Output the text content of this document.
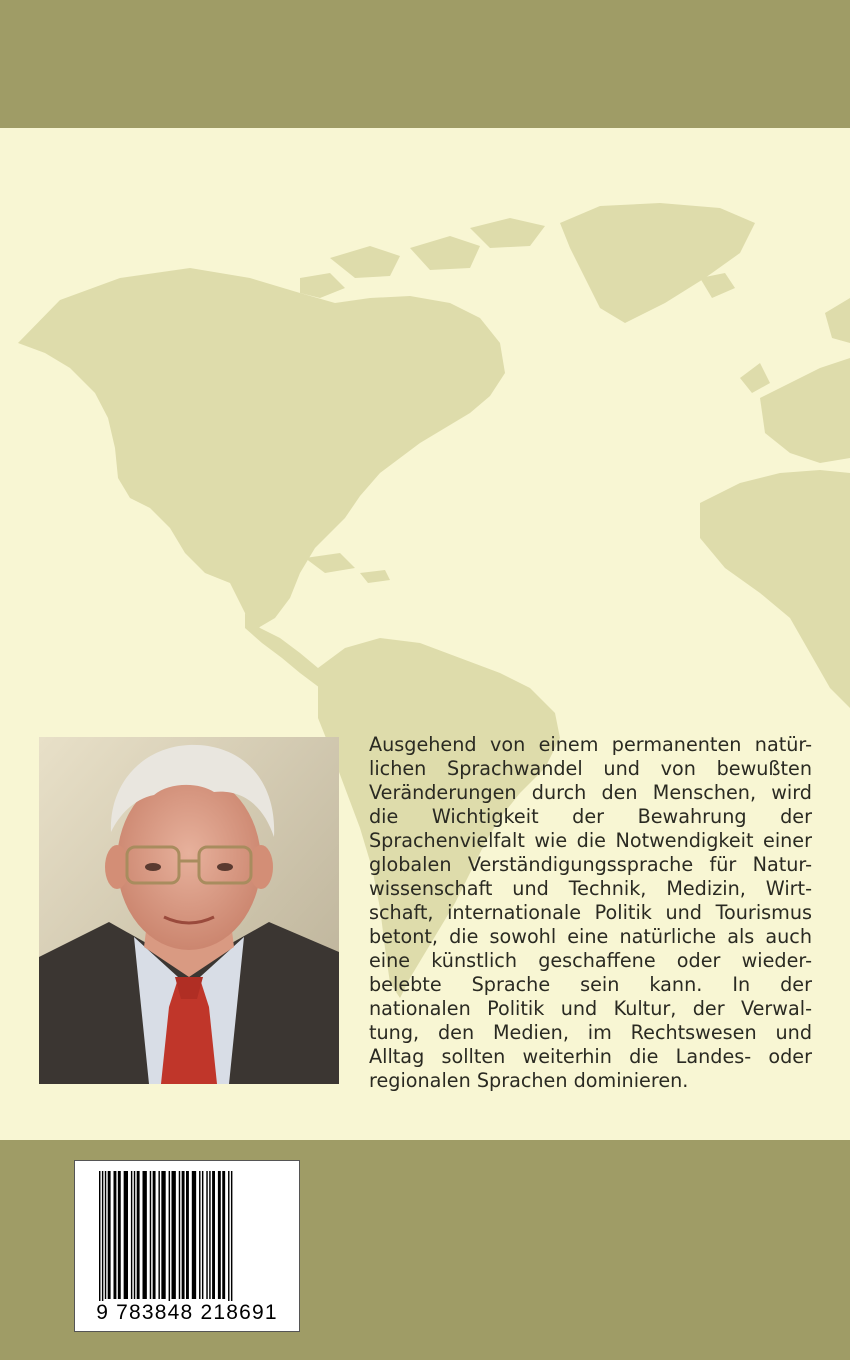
Ausgehend von einem permanenten natür-
lichen Sprachwandel und von bewußten
Veränderungen durch den Menschen, wird
die Wichtigkeit der Bewahrung der
Sprachenvielfalt wie die Notwendigkeit einer
globalen Verständigungssprache für Natur-
wissenschaft und Technik, Medizin, Wirt-
schaft, internationale Politik und Tourismus
betont, die sowohl eine natürliche als auch
eine künstlich geschaffene oder wieder-
belebte Sprache sein kann. In der
nationalen Politik und Kultur, der Verwal-
tung, den Medien, im Rechtswesen und
Alltag sollten weiterhin die Landes- oder
regionalen Sprachen dominieren.
9 783848 218691
